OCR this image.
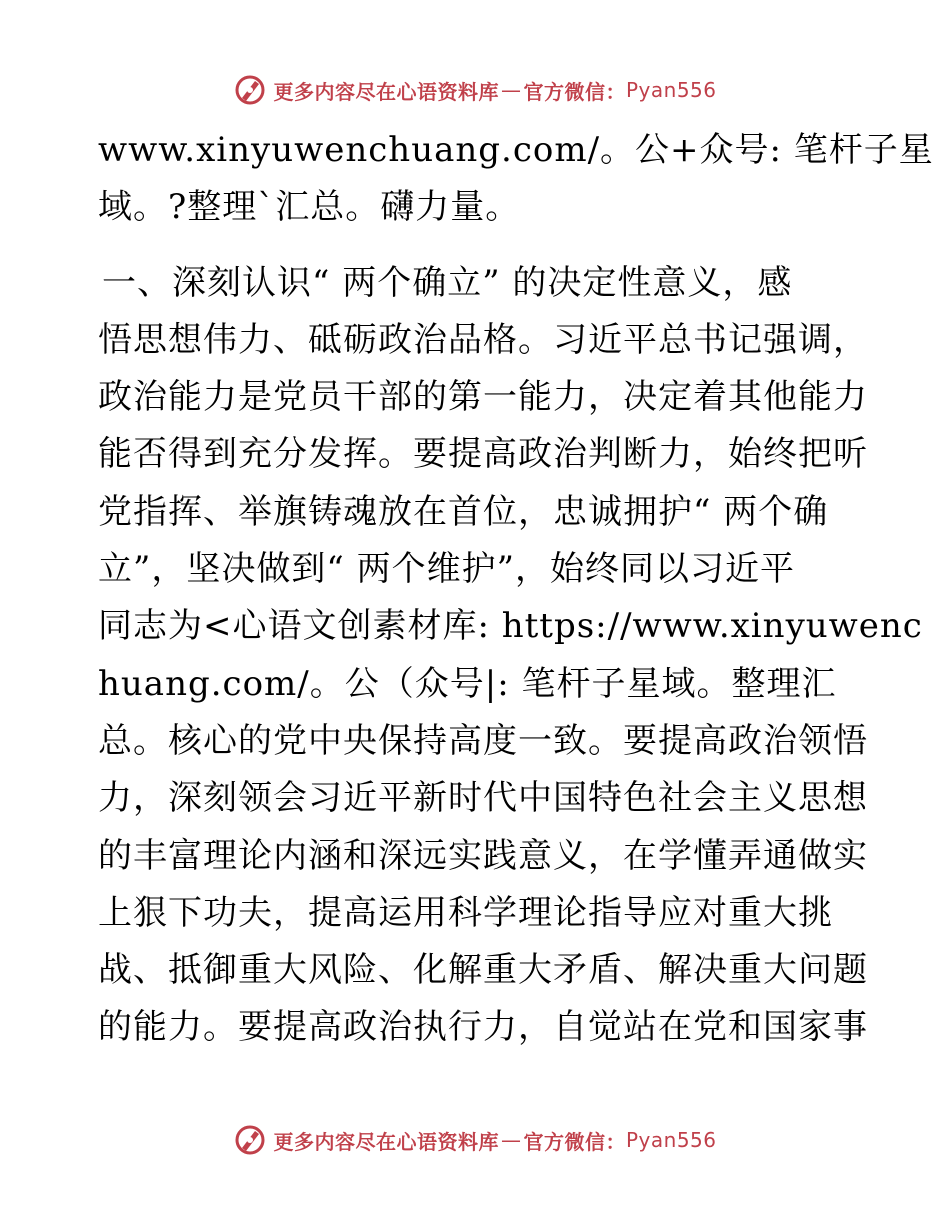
更多内容尽在心语资料库 — 官方微信： Pyan556
www.xinyuwenchuang.com/。公+众号: 笔杆子星
域。?整理`汇总。礴力量。
一、深刻认识“ 两个确立” 的决定性意义，感
悟思想伟力、砥砺政治品格。习近平总书记强调，
政治能力是党员干部的第一能力，决定着其他能力
能否得到充分发挥。要提高政治判断力，始终把听
党指挥、举旗铸魂放在首位，忠诚拥护“ 两个确
立”，坚决做到“ 两个维护”，始终同以习近平
同志为<心语文创素材库: https://www.xinyuwenc
huang.com/。公（众号|: 笔杆子星域。整理汇
总。核心的党中央保持高度一致。要提高政治领悟
力，深刻领会习近平新时代中国特色社会主义思想
的丰富理论内涵和深远实践意义，在学懂弄通做实
上狠下功夫，提高运用科学理论指导应对重大挑
战、抵御重大风险、化解重大矛盾、解决重大问题
的能力。要提高政治执行力，自觉站在党和国家事
更多内容尽在心语资料库 — 官方微信： Pyan556
